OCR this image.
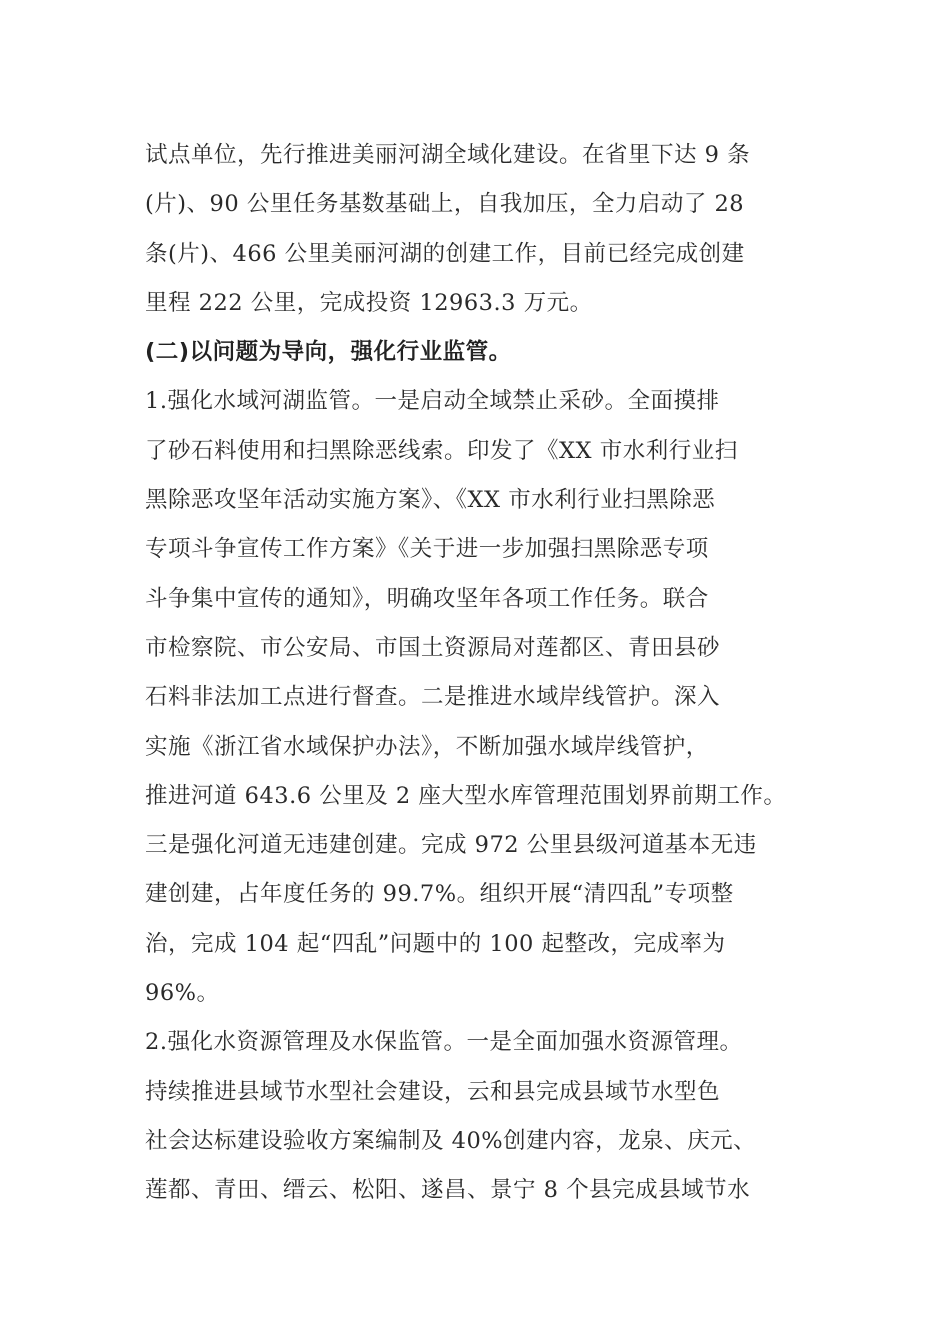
试点单位，先行推进美丽河湖全域化建设。在省里下达 9 条
(片)、90 公里任务基数基础上，自我加压，全力启动了 28
条(片)、466 公里美丽河湖的创建工作，目前已经完成创建
里程 222 公里，完成投资 12963.3 万元。
(二)以问题为导向，强化行业监管。
1.强化水域河湖监管。一是启动全域禁止采砂。全面摸排
了砂石料使用和扫黑除恶线索。印发了《XX 市水利行业扫
黑除恶攻坚年活动实施方案》、《XX 市水利行业扫黑除恶
专项斗争宣传工作方案》《关于进一步加强扫黑除恶专项
斗争集中宣传的通知》，明确攻坚年各项工作任务。联合
市检察院、市公安局、市国土资源局对莲都区、青田县砂
石料非法加工点进行督查。二是推进水域岸线管护。深入
实施《浙江省水域保护办法》，不断加强水域岸线管护，
推进河道 643.6 公里及 2 座大型水库管理范围划界前期工作。
三是强化河道无违建创建。完成 972 公里县级河道基本无违
建创建，占年度任务的 99.7%。组织开展“清四乱”专项整
治，完成 104 起“四乱”问题中的 100 起整改，完成率为
96%。
2.强化水资源管理及水保监管。一是全面加强水资源管理。
持续推进县域节水型社会建设，云和县完成县域节水型色
社会达标建设验收方案编制及 40%创建内容，龙泉、庆元、
莲都、青田、缙云、松阳、遂昌、景宁 8 个县完成县域节水
